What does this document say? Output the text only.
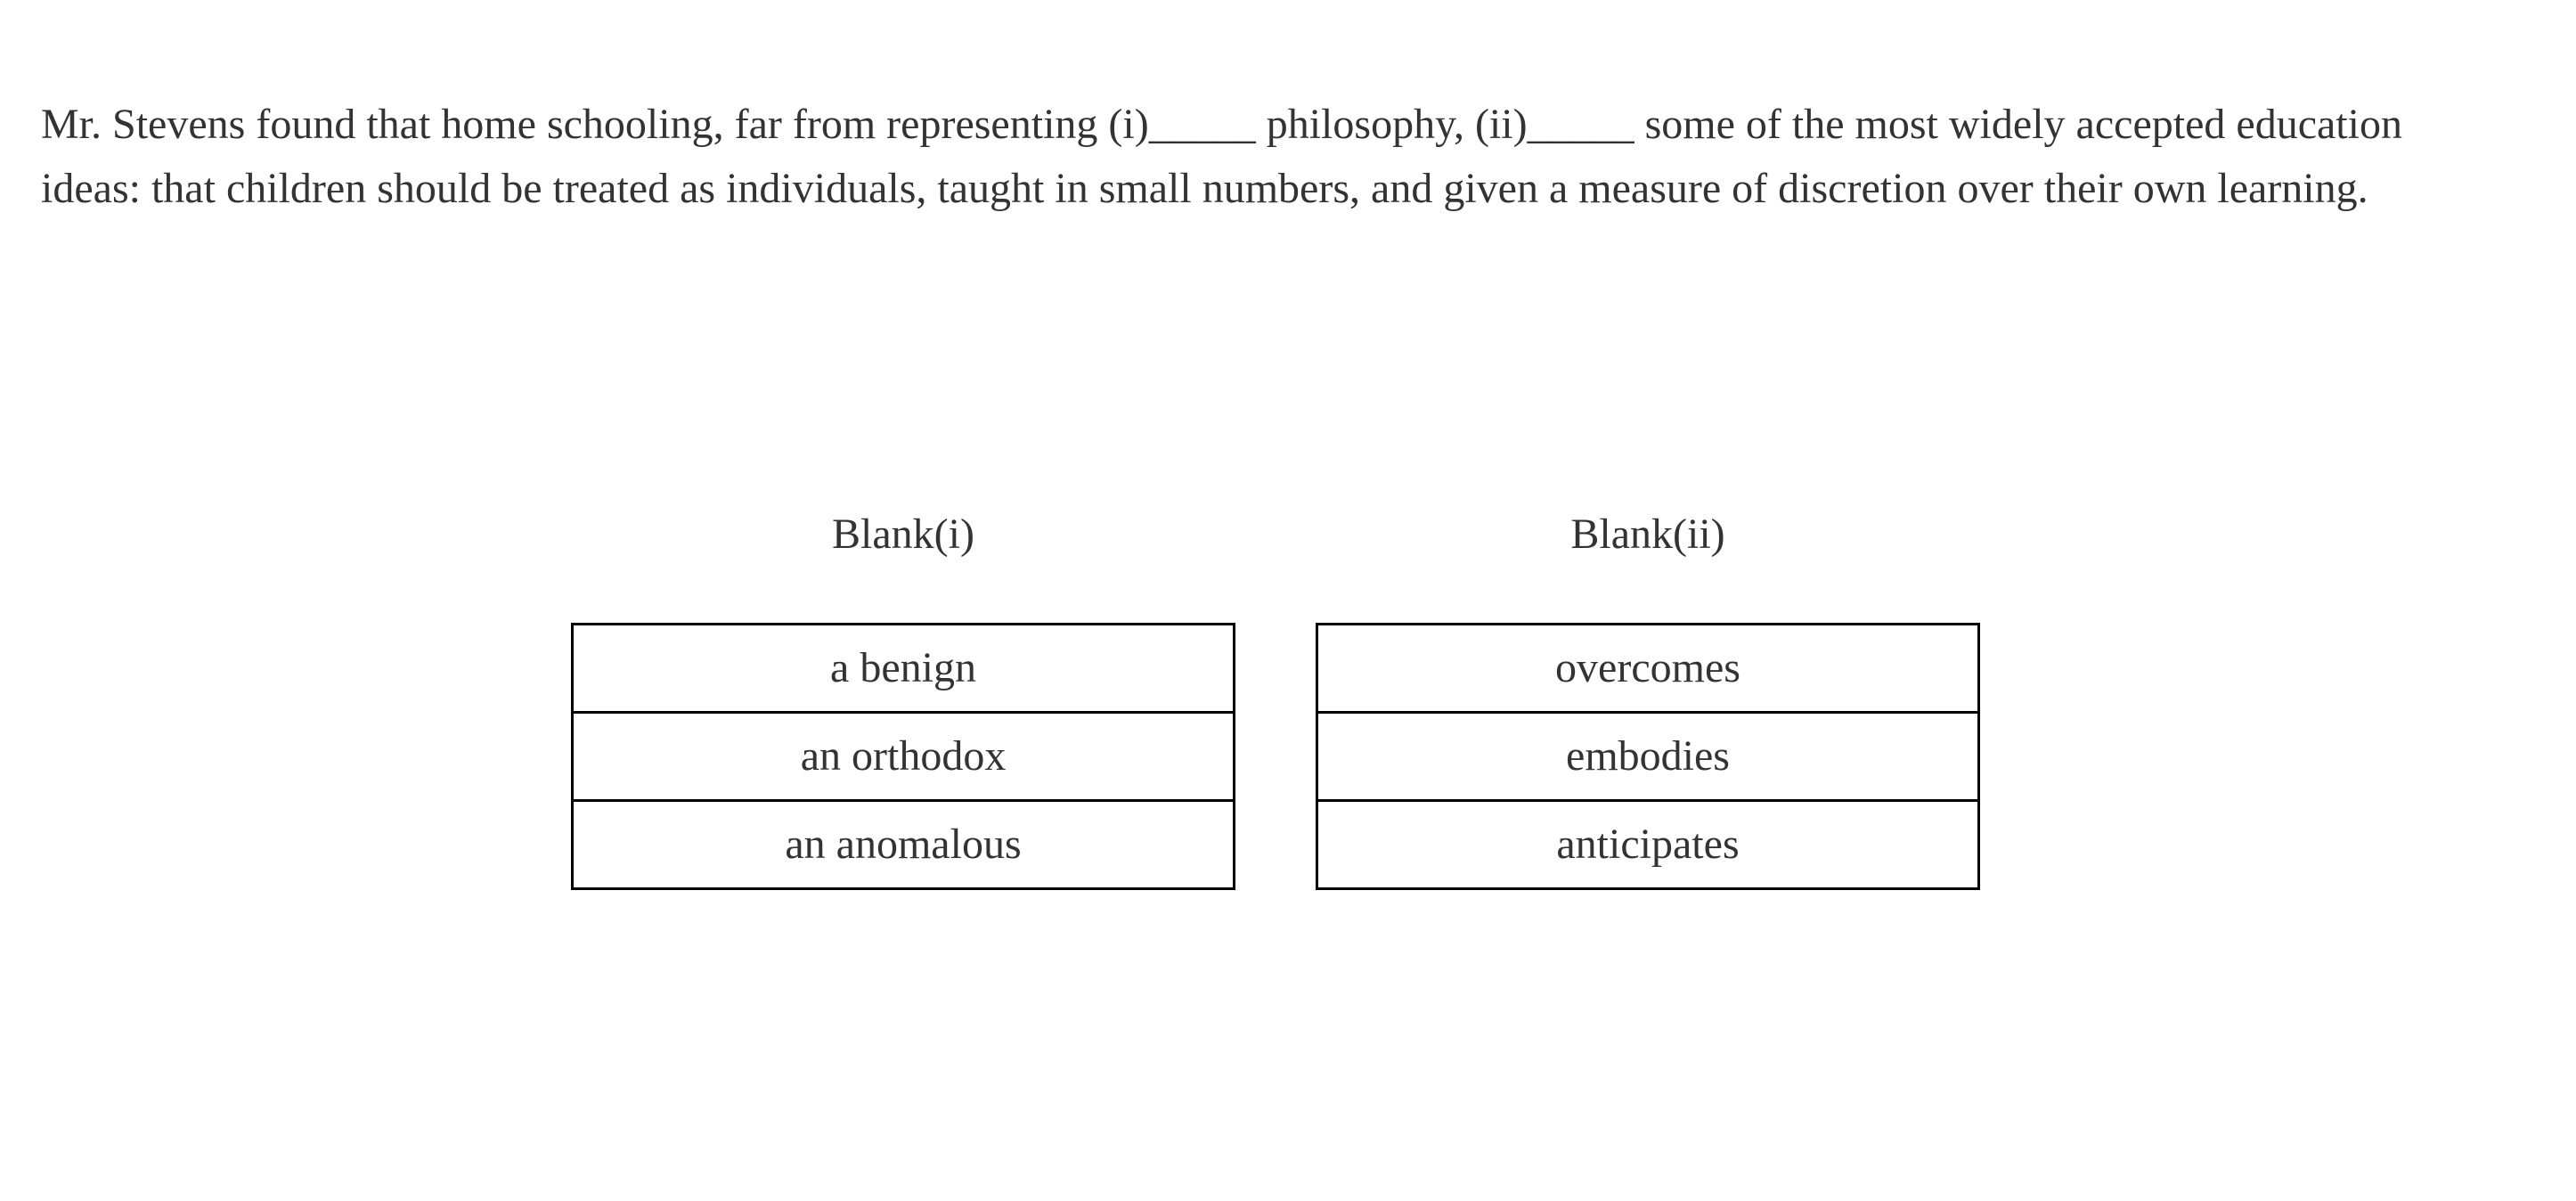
Mr. Stevens found that home schooling, far from representing (i)_____ philosophy, (ii)_____ some of the most widely accepted education ideas: that children should be treated as individuals, taught in small numbers, and given a measure of discretion over their own learning.

Blank(i)
a benign
an orthodox
an anomalous
Blank(ii)
overcomes
embodies
anticipates
